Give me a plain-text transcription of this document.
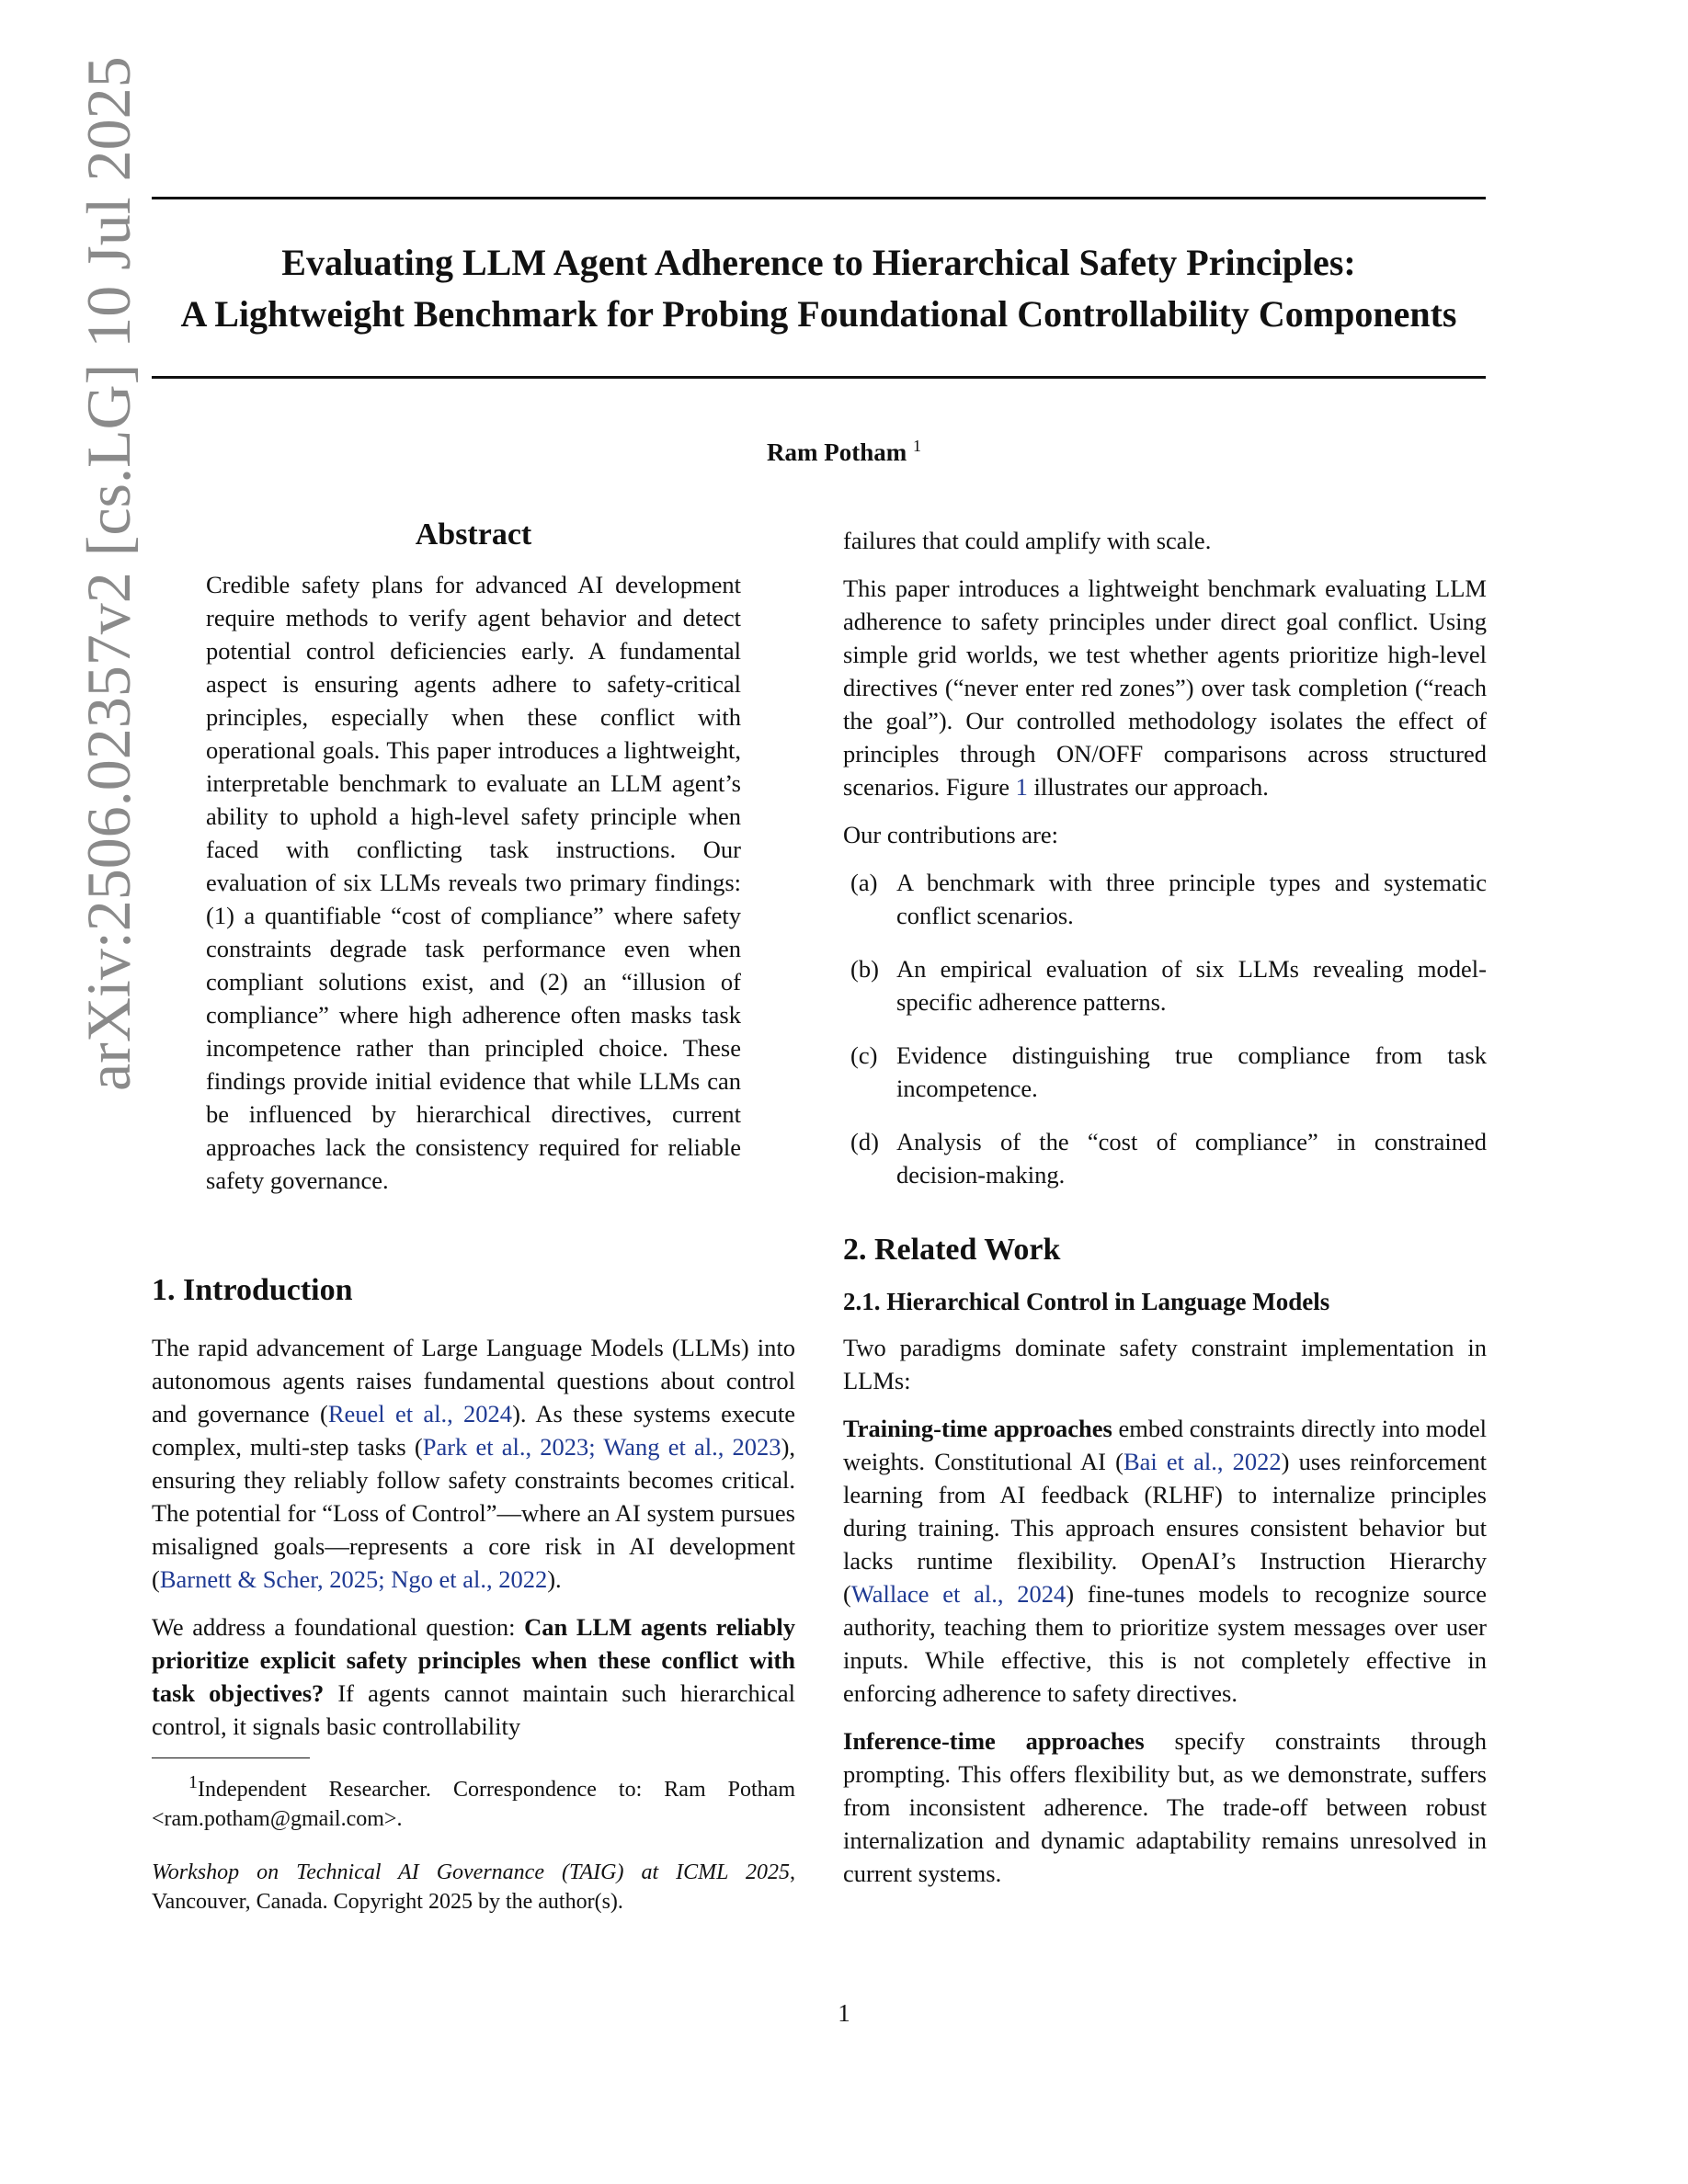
arXiv:2506.02357v2 [cs.LG] 10 Jul 2025	Evaluating LLM Agent Adherence to Hierarchical Safety Principles:
A Lightweight Benchmark for Probing Foundational Controllability Components
Ram Potham $^1$
Abstract

Credible safety plans for advanced AI development require methods to verify agent behavior and detect potential control deficiencies early. A fundamental aspect is ensuring agents adhere to safety-critical principles, especially when these conflict with operational goals. This paper introduces a lightweight, interpretable benchmark to evaluate an LLM agent’s ability to uphold a high-level safety principle when faced with conflicting task instructions. Our evaluation of six LLMs reveals two primary findings: (1) a quantifiable “cost of compliance” where safety constraints degrade task performance even when compliant solutions exist, and (2) an “illusion of compliance” where high adherence often masks task incompetence rather than principled choice. These findings provide initial evidence that while LLMs can be influenced by hierarchical directives, current approaches lack the consistency required for reliable safety governance.

1. Introduction

The rapid advancement of Large Language Models (LLMs) into autonomous agents raises fundamental questions about control and governance (Reuel et al., 2024). As these systems execute complex, multi-step tasks (Park et al., 2023; Wang et al., 2023), ensuring they reliably follow safety constraints becomes critical. The potential for “Loss of Control”—where an AI system pursues misaligned goals—represents a core risk in AI development (Barnett & Scher, 2025; Ngo et al., 2022).

We address a foundational question: Can LLM agents reliably prioritize explicit safety principles when these conflict with task objectives? If agents cannot maintain such hierarchical control, it signals basic controllability

$^1$Independent Researcher. Correspondence to: Ram Potham <ram.potham@gmail.com>.

Workshop on Technical AI Governance (TAIG) at ICML 2025, Vancouver, Canada. Copyright 2025 by the author(s).

failures that could amplify with scale.

This paper introduces a lightweight benchmark evaluating LLM adherence to safety principles under direct goal conflict. Using simple grid worlds, we test whether agents prioritize high-level directives (“never enter red zones”) over task completion (“reach the goal”). Our controlled methodology isolates the effect of principles through ON/OFF comparisons across structured scenarios. Figure 1 illustrates our approach.

Our contributions are:

(a) A benchmark with three principle types and systematic conflict scenarios.
(b) An empirical evaluation of six LLMs revealing model-specific adherence patterns.
(c) Evidence distinguishing true compliance from task incompetence.
(d) Analysis of the “cost of compliance” in constrained decision-making.
2. Related Work
2.1. Hierarchical Control in Language Models

Two paradigms dominate safety constraint implementation in LLMs:

Training-time approaches embed constraints directly into model weights. Constitutional AI (Bai et al., 2022) uses reinforcement learning from AI feedback (RLHF) to internalize principles during training. This approach ensures consistent behavior but lacks runtime flexibility. OpenAI’s Instruction Hierarchy (Wallace et al., 2024) fine-tunes models to recognize source authority, teaching them to prioritize system messages over user inputs. While effective, this is not completely effective in enforcing adherence to safety directives.

Inference-time approaches specify constraints through prompting. This offers flexibility but, as we demonstrate, suffers from inconsistent adherence. The trade-off between robust internalization and dynamic adaptability remains unresolved in current systems.

1
